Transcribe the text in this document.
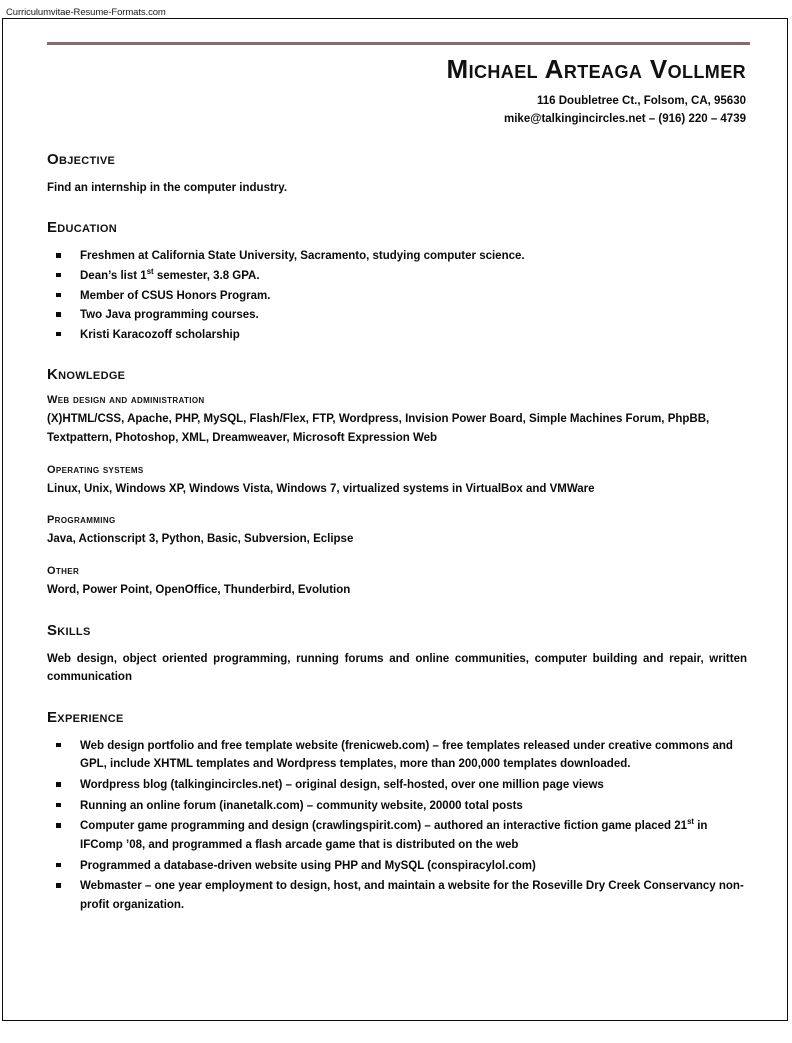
Curriculumvitae-Resume-Formats.com
Michael Arteaga Vollmer
116 Doubletree Ct., Folsom, CA, 95630
mike@talkingincircles.net – (916) 220 – 4739
Objective
Find an internship in the computer industry.
Education
Freshmen at California State University, Sacramento, studying computer science.
Dean’s list 1st semester, 3.8 GPA.
Member of CSUS Honors Program.
Two Java programming courses.
Kristi Karacozoff scholarship
Knowledge
Web design and administration
(X)HTML/CSS, Apache, PHP, MySQL, Flash/Flex, FTP, Wordpress, Invision Power Board, Simple Machines Forum, PhpBB, Textpattern, Photoshop, XML, Dreamweaver, Microsoft Expression Web
Operating systems
Linux, Unix, Windows XP, Windows Vista, Windows 7, virtualized systems in VirtualBox and VMWare
Programming
Java, Actionscript 3, Python, Basic, Subversion, Eclipse
Other
Word, Power Point, OpenOffice, Thunderbird, Evolution
Skills
Web design, object oriented programming, running forums and online communities, computer building and repair, written communication
Experience
Web design portfolio and free template website (frenicweb.com) – free templates released under creative commons and GPL, include XHTML templates and Wordpress templates, more than 200,000 templates downloaded.
Wordpress blog (talkingincircles.net) – original design, self-hosted, over one million page views
Running an online forum (inanetalk.com) – community website, 20000 total posts
Computer game programming and design (crawlingspirit.com) – authored an interactive fiction game placed 21st in IFComp ’08, and programmed a flash arcade game that is distributed on the web
Programmed a database-driven website using PHP and MySQL (conspiracylol.com)
Webmaster – one year employment to design, host, and maintain a website for the Roseville Dry Creek Conservancy non-profit organization.
